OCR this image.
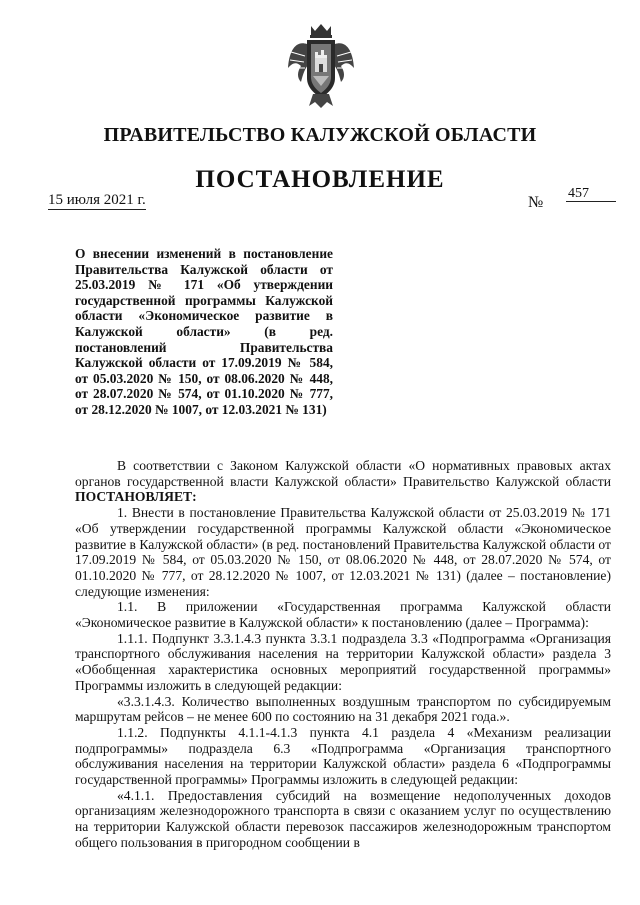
ПРАВИТЕЛЬСТВО КАЛУЖСКОЙ ОБЛАСТИ
ПОСТАНОВЛЕНИЕ
15 июля 2021 г.	№
457

О внесении изменений в постановление Правительства Калужской области от 25.03.2019 № 171 «Об утверждении государственной программы Калужской области «Экономическое развитие в Калужской области» (в ред. постановлений Правительства Калужской области от 17.09.2019 № 584, от 05.03.2020 № 150, от 08.06.2020 № 448, от 28.07.2020 № 574, от 01.10.2020 № 777, от 28.12.2020 № 1007, от 12.03.2021 № 131)

В соответствии с Законом Калужской области «О нормативных правовых актах органов государственной власти Калужской области» Правительство Калужской области ПОСТАНОВЛЯЕТ:

1. Внести в постановление Правительства Калужской области от 25.03.2019 № 171 «Об утверждении государственной программы Калужской области «Экономическое развитие в Калужской области» (в ред. постановлений Правительства Калужской области от 17.09.2019 № 584, от 05.03.2020 № 150, от 08.06.2020 № 448, от 28.07.2020 № 574, от 01.10.2020 № 777, от 28.12.2020 № 1007, от 12.03.2021 № 131) (далее – постановление) следующие изменения:

1.1. В приложении «Государственная программа Калужской области «Экономическое развитие в Калужской области» к постановлению (далее – Программа):

1.1.1. Подпункт 3.3.1.4.3 пункта 3.3.1 подраздела 3.3 «Подпрограмма «Организация транспортного обслуживания населения на территории Калужской области» раздела 3 «Обобщенная характеристика основных мероприятий государственной программы» Программы изложить в следующей редакции:

«3.3.1.4.3. Количество выполненных воздушным транспортом по субсидируемым маршрутам рейсов – не менее 600 по состоянию на 31 декабря 2021 года.».

1.1.2. Подпункты 4.1.1-4.1.3 пункта 4.1 раздела 4 «Механизм реализации подпрограммы» подраздела 6.3 «Подпрограмма «Организация транспортного обслуживания населения на территории Калужской области» раздела 6 «Подпрограммы государственной программы» Программы изложить в следующей редакции:

«4.1.1. Предоставления субсидий на возмещение недополученных доходов организациям железнодорожного транспорта в связи с оказанием услуг по осуществлению на территории Калужской области перевозок пассажиров железнодорожным транспортом общего пользования в пригородном сообщении в
